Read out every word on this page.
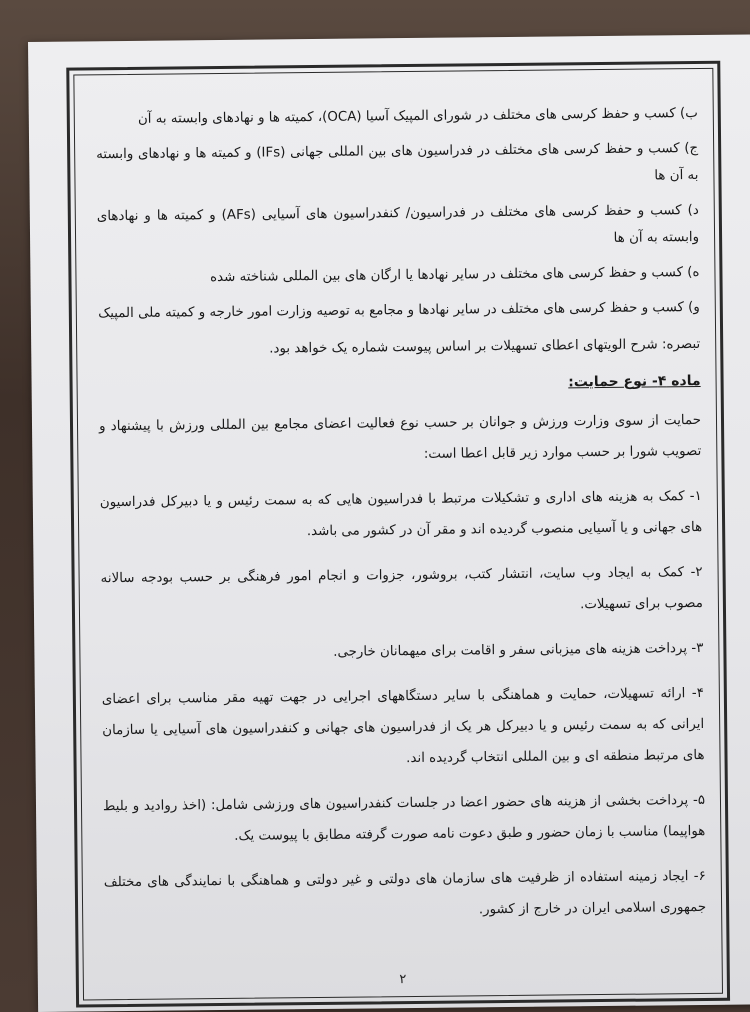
ب) کسب و حفظ کرسی های مختلف در شورای المپیک آسیا (OCA)، کمیته ها و نهادهای وابسته به آن

ج) کسب و حفظ کرسی های مختلف در فدراسیون های بین المللی جهانی (IFs) و کمیته ها و نهادهای وابسته به آن ها

د) کسب و حفظ کرسی های مختلف در فدراسیون/ کنفدراسیون های آسیایی (AFs) و کمیته ها و نهادهای وابسته به آن ها

ه) کسب و حفظ کرسی های مختلف در سایر نهادها یا ارگان های بین المللی شناخته شده

و) کسب و حفظ کرسی های مختلف در سایر نهادها و مجامع به توصیه وزارت امور خارجه و کمیته ملی المپیک

تبصره: شرح الویتهای اعطای تسهیلات بر اساس پیوست شماره یک خواهد بود.

ماده ۴- نوع حمایت:

حمایت از سوی وزارت ورزش و جوانان بر حسب نوع فعالیت اعضای مجامع بین المللی ورزش با پیشنهاد و تصویب شورا بر حسب موارد زیر قابل اعطا است:

۱- کمک به هزینه های اداری و تشکیلات مرتبط با فدراسیون هایی که به سمت رئیس و یا دبیرکل فدراسیون های جهانی و یا آسیایی منصوب گردیده اند و مقر آن در کشور می باشد.

۲- کمک به ایجاد وب سایت، انتشار کتب، بروشور، جزوات و انجام امور فرهنگی بر حسب بودجه سالانه مصوب برای تسهیلات.

۳- پرداخت هزینه های میزبانی سفر و اقامت برای میهمانان خارجی.

۴- ارائه تسهیلات، حمایت و هماهنگی با سایر دستگاههای اجرایی در جهت تهیه مقر مناسب برای اعضای ایرانی که به سمت رئیس و یا دبیرکل هر یک از فدراسیون های جهانی و کنفدراسیون های آسیایی یا سازمان های مرتبط منطقه ای و بین المللی انتخاب گردیده اند.

۵- پرداخت بخشی از هزینه های حضور اعضا در جلسات کنفدراسیون های ورزشی شامل: (اخذ روادید و بلیط هواپیما) مناسب با زمان حضور و طبق دعوت نامه صورت گرفته مطابق با پیوست یک.

۶- ایجاد زمینه استفاده از ظرفیت های سازمان های دولتی و غیر دولتی و هماهنگی با نمایندگی های مختلف جمهوری اسلامی ایران در خارج از کشور.

۲
